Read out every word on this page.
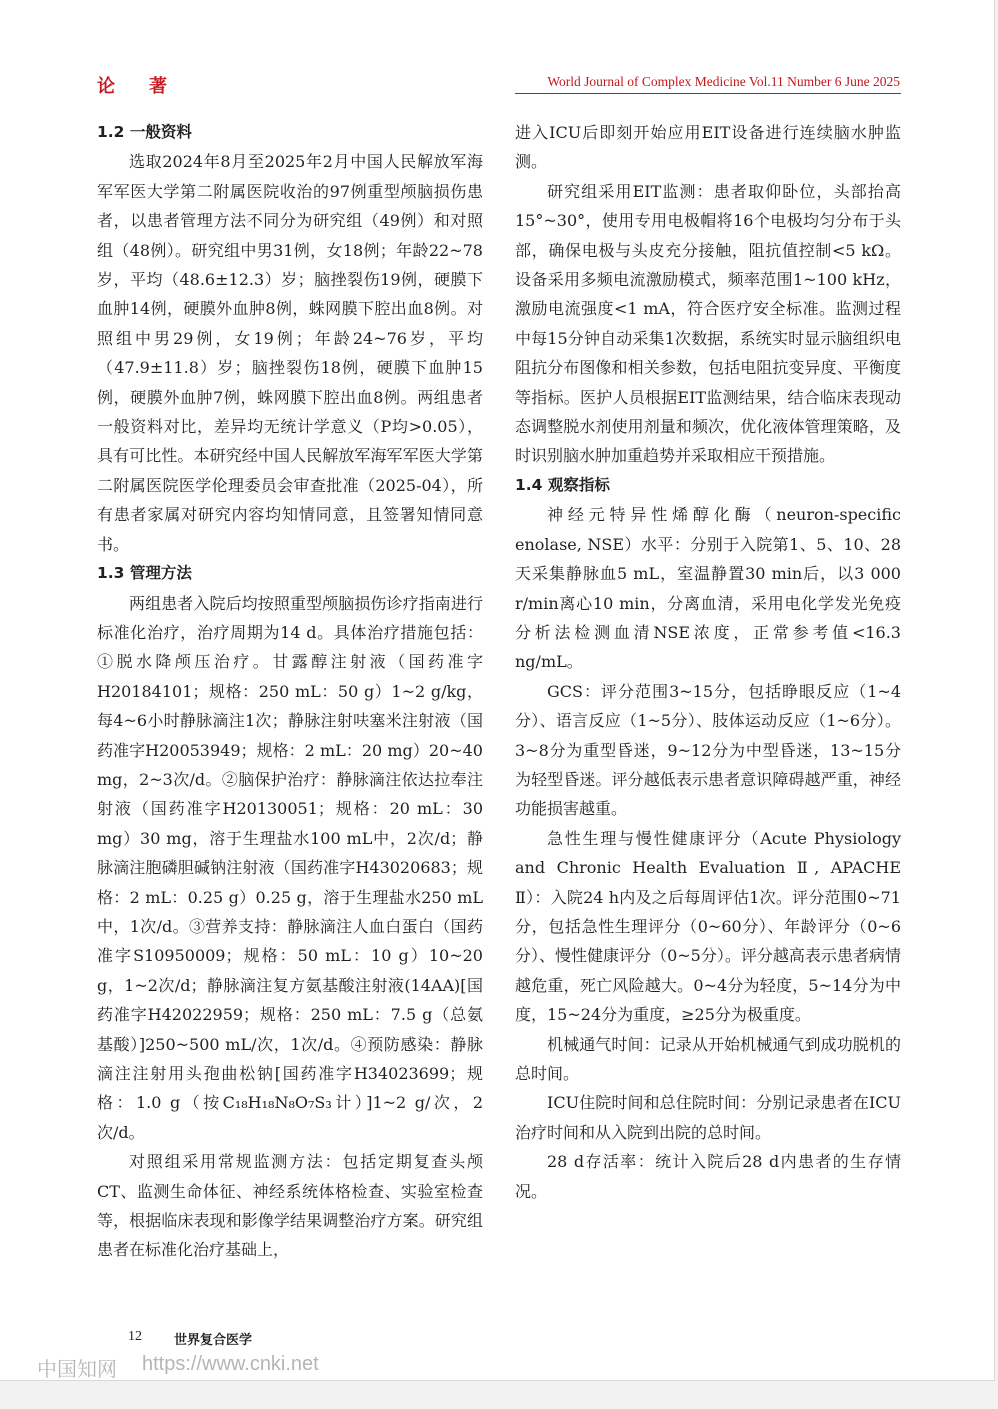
论著	World Journal of Complex Medicine Vol.11 Number 6 June 2025
1.2 一般资料

选取2024年8月至2025年2月中国人民解放军海军军医大学第二附属医院收治的97例重型颅脑损伤患者，以患者管理方法不同分为研究组（49例）和对照组（48例）。研究组中男31例，女18例；年龄22~78岁，平均（48.6±12.3）岁；脑挫裂伤19例，硬膜下血肿14例，硬膜外血肿8例，蛛网膜下腔出血8例。对照组中男29例，女19例；年龄24~76岁，平均（47.9±11.8）岁；脑挫裂伤18例，硬膜下血肿15例，硬膜外血肿7例，蛛网膜下腔出血8例。两组患者一般资料对比，差异均无统计学意义（P均>0.05），具有可比性。本研究经中国人民解放军海军军医大学第二附属医院医学伦理委员会审查批准（2025-04），所有患者家属对研究内容均知情同意，且签署知情同意书。

1.3 管理方法

两组患者入院后均按照重型颅脑损伤诊疗指南进行标准化治疗，治疗周期为14 d。具体治疗措施包括：①脱水降颅压治疗。甘露醇注射液（国药准字H20184101；规格：250 mL：50 g）1~2 g/kg，每4~6小时静脉滴注1次；静脉注射呋塞米注射液（国药准字H20053949；规格：2 mL：20 mg）20~40 mg，2~3次/d。②脑保护治疗：静脉滴注依达拉奉注射液（国药准字H20130051；规格：20 mL：30 mg）30 mg，溶于生理盐水100 mL中，2次/d；静脉滴注胞磷胆碱钠注射液（国药准字H43020683；规格：2 mL：0.25 g）0.25 g，溶于生理盐水250 mL中，1次/d。③营养支持：静脉滴注人血白蛋白（国药准字S10950009；规格：50 mL：10 g）10~20 g，1~2次/d；静脉滴注复方氨基酸注射液(14AA)[国药准字H42022959；规格：250 mL：7.5 g（总氨基酸）]250~500 mL/次，1次/d。④预防感染：静脉滴注注射用头孢曲松钠[国药准字H34023699；规格：1.0 g（按C₁₈H₁₈N₈O₇S₃计）]1~2 g/次，2次/d。

对照组采用常规监测方法：包括定期复查头颅CT、监测生命体征、神经系统体格检查、实验室检查等，根据临床表现和影像学结果调整治疗方案。研究组患者在标准化治疗基础上，

进入ICU后即刻开始应用EIT设备进行连续脑水肿监测。

研究组采用EIT监测：患者取仰卧位，头部抬高15°~30°，使用专用电极帽将16个电极均匀分布于头部，确保电极与头皮充分接触，阻抗值控制<5 kΩ。设备采用多频电流激励模式，频率范围1~100 kHz，激励电流强度<1 mA，符合医疗安全标准。监测过程中每15分钟自动采集1次数据，系统实时显示脑组织电阻抗分布图像和相关参数，包括电阻抗变异度、平衡度等指标。医护人员根据EIT监测结果，结合临床表现动态调整脱水剂使用剂量和频次，优化液体管理策略，及时识别脑水肿加重趋势并采取相应干预措施。

1.4 观察指标

神经元特异性烯醇化酶（neuron-specific enolase, NSE）水平：分别于入院第1、5、10、28天采集静脉血5 mL，室温静置30 min后，以3 000 r/min离心10 min，分离血清，采用电化学发光免疫分析法检测血清NSE浓度，正常参考值<16.3 ng/mL。

GCS：评分范围3~15分，包括睁眼反应（1~4分）、语言反应（1~5分）、肢体运动反应（1~6分）。3~8分为重型昏迷，9~12分为中型昏迷，13~15分为轻型昏迷。评分越低表示患者意识障碍越严重，神经功能损害越重。

急性生理与慢性健康评分（Acute Physiology and Chronic Health Evaluation Ⅱ, APACHE Ⅱ）：入院24 h内及之后每周评估1次。评分范围0~71分，包括急性生理评分（0~60分）、年龄评分（0~6分）、慢性健康评分（0~5分）。评分越高表示患者病情越危重，死亡风险越大。0~4分为轻度，5~14分为中度，15~24分为重度，≥25分为极重度。

机械通气时间：记录从开始机械通气到成功脱机的总时间。

ICU住院时间和总住院时间：分别记录患者在ICU治疗时间和从入院到出院的总时间。

28 d存活率：统计入院后28 d内患者的生存情况。

12 世界复合医学
中国知网 https://www.cnki.net
